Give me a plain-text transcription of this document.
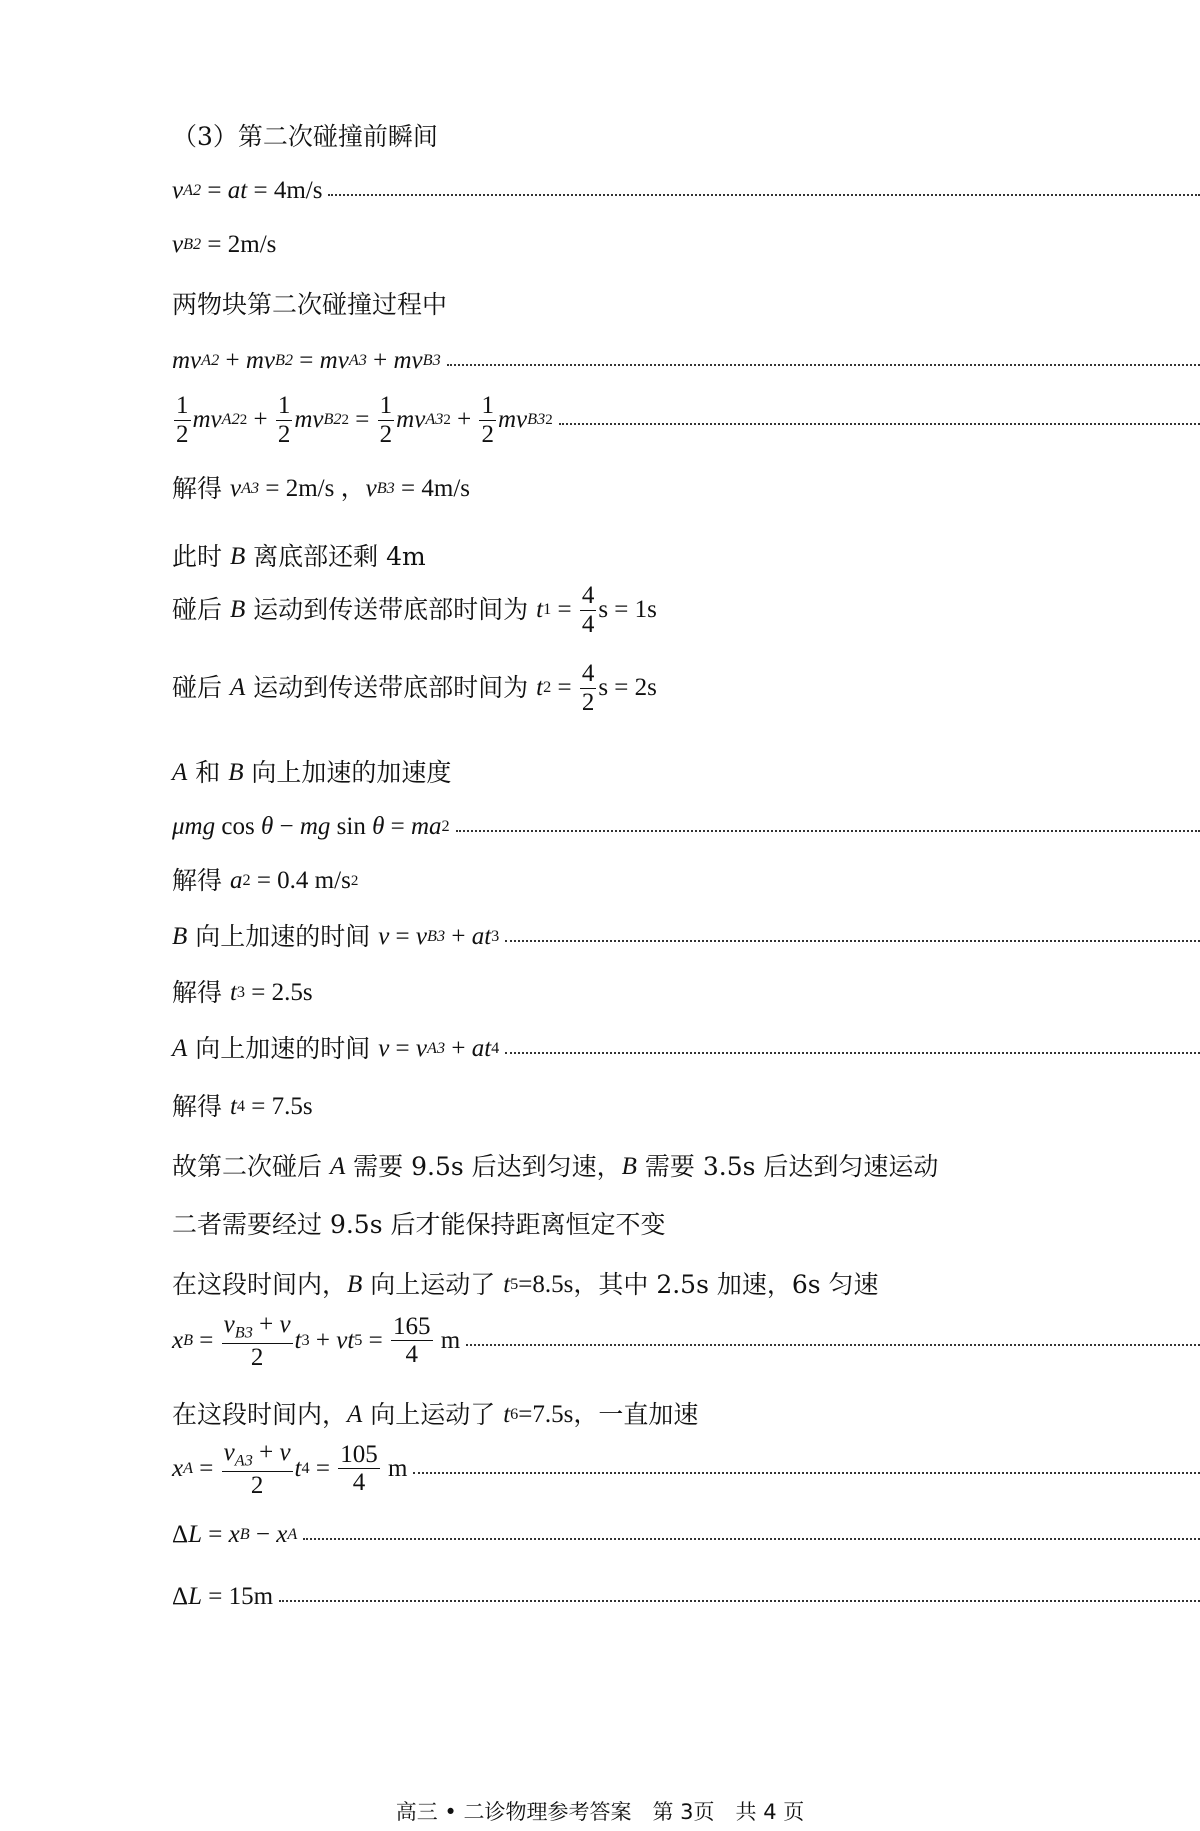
（3）第二次碰撞前瞬间
v A2 = at = 4m/s
v B2 = 2m/s
两物块第二次碰撞过程中
mv A2 + mv B2 = mv A3 + mv B3
$\frac{1}{2}$ mv A2 $2 + \frac{1}{2}$ mv B2 $2 = \frac{1}{2}$ mv A3 $2 + \frac{1}{2}$ mv B3 2
解得 v A3 = 2m/s ， v B3 = 4m/s
此时 B 离底部还剩 4m
碰后 B 运动到传送带底部时间为 t $1 = \frac{4}{4}$ s = 1s
碰后 A 运动到传送带底部时间为 t $2 = \frac{4}{2}$ s = 2s
A 和 B 向上加速的加速度
μmg cos θ − mg sin θ = ma 2
解得 a 2 = 0.4 m/s 2
B 向上加速的时间 v = v B3 + at 3
解得 t 3 = 2.5s
A 向上加速的时间 v = v A3 + at 4
解得 t 4 = 7.5s
故第二次碰后 A 需要 9.5s 后达到匀速， B 需要 3.5s 后达到匀速运动
二者需要经过 9.5s 后才能保持距离恒定不变
在这段时间内， B 向上运动了 t 5 =8.5s， 其中 2.5s 加速，6s 匀速
x $B = \frac{v_{B3} + v}{2}$ t 3 + vt $5 = \frac{165}{4}$ m
在这段时间内， A 向上运动了 t 6 =7.5s， 一直加速
x $A = \frac{v_{A3} + v}{2}$ t $4 = \frac{105}{4}$ m
Δ L = x B − x A
Δ L = 15m
高三 • 二诊物理参考答案　第 3页　共 4 页
